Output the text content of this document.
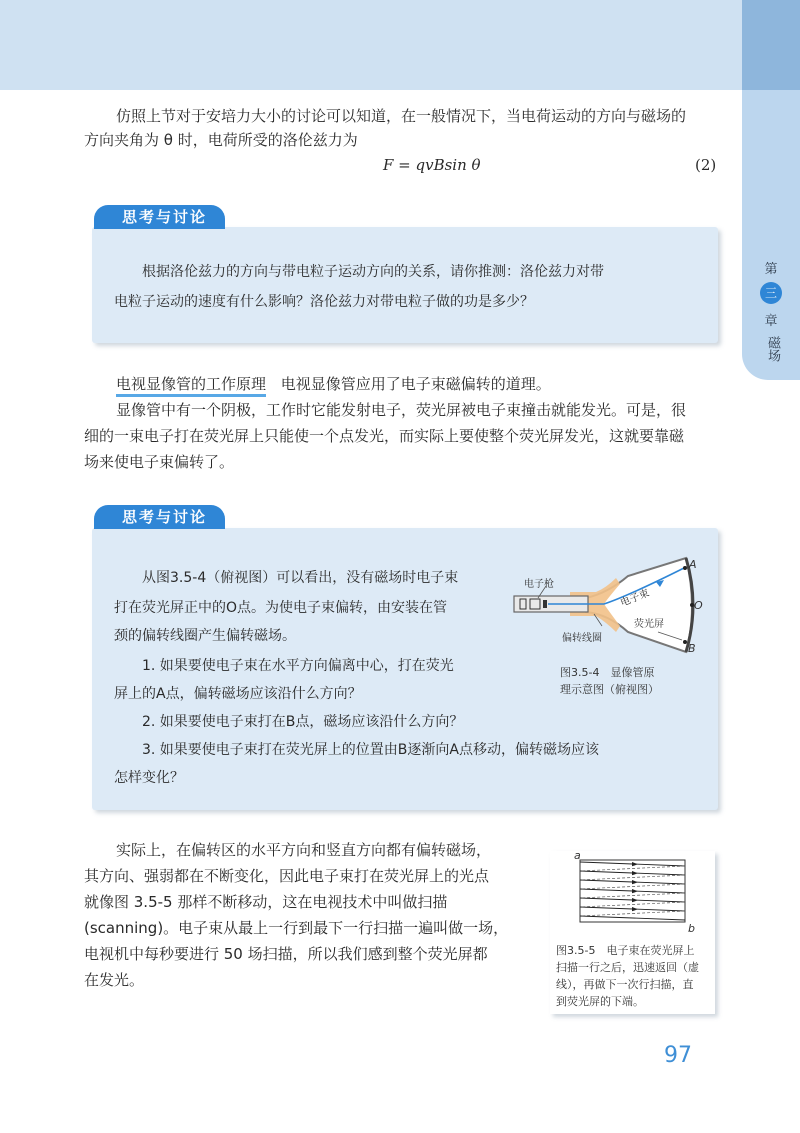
第
三
章
磁场

仿照上节对于安培力大小的讨论可以知道，在一般情况下，当电荷运动的方向与磁场的

方向夹角为 θ 时，电荷所受的洛伦兹力为

F = qvBsin θ	(2)
思考与讨论

根据洛伦兹力的方向与带电粒子运动方向的关系，请你推测：洛伦兹力对带

电粒子运动的速度有什么影响？洛伦兹力对带电粒子做的功是多少？

电视显像管的工作原理 电视显像管应用了电子束磁偏转的道理。

显像管中有一个阴极，工作时它能发射电子，荧光屏被电子束撞击就能发光。可是，很

细的一束电子打在荧光屏上只能使一个点发光，而实际上要使整个荧光屏发光，这就要靠磁

场来使电子束偏转了。

思考与讨论

从图3.5-4（俯视图）可以看出，没有磁场时电子束

打在荧光屏正中的O点。为使电子束偏转，由安装在管

颈的偏转线圈产生偏转磁场。

1. 如果要使电子束在水平方向偏离中心，打在荧光

屏上的A点，偏转磁场应该沿什么方向？

2. 如果要使电子束打在B点，磁场应该沿什么方向？

3. 如果要使电子束打在荧光屏上的位置由B逐渐向A点移动，偏转磁场应该

怎样变化？

电子枪
电子束
偏转线圈
荧光屏
A
O
B
图3.5-4　显像管原
理示意图（俯视图）

实际上，在偏转区的水平方向和竖直方向都有偏转磁场，

其方向、强弱都在不断变化，因此电子束打在荧光屏上的光点

就像图 3.5-5 那样不断移动，这在电视技术中叫做扫描

(scanning)。电子束从最上一行到最下一行扫描一遍叫做一场，

电视机中每秒要进行 50 场扫描，所以我们感到整个荧光屏都

在发光。

a
b
图3.5-5　电子束在荧光屏上
扫描一行之后，迅速返回（虚
线），再做下一次行扫描，直
到荧光屏的下端。
97
